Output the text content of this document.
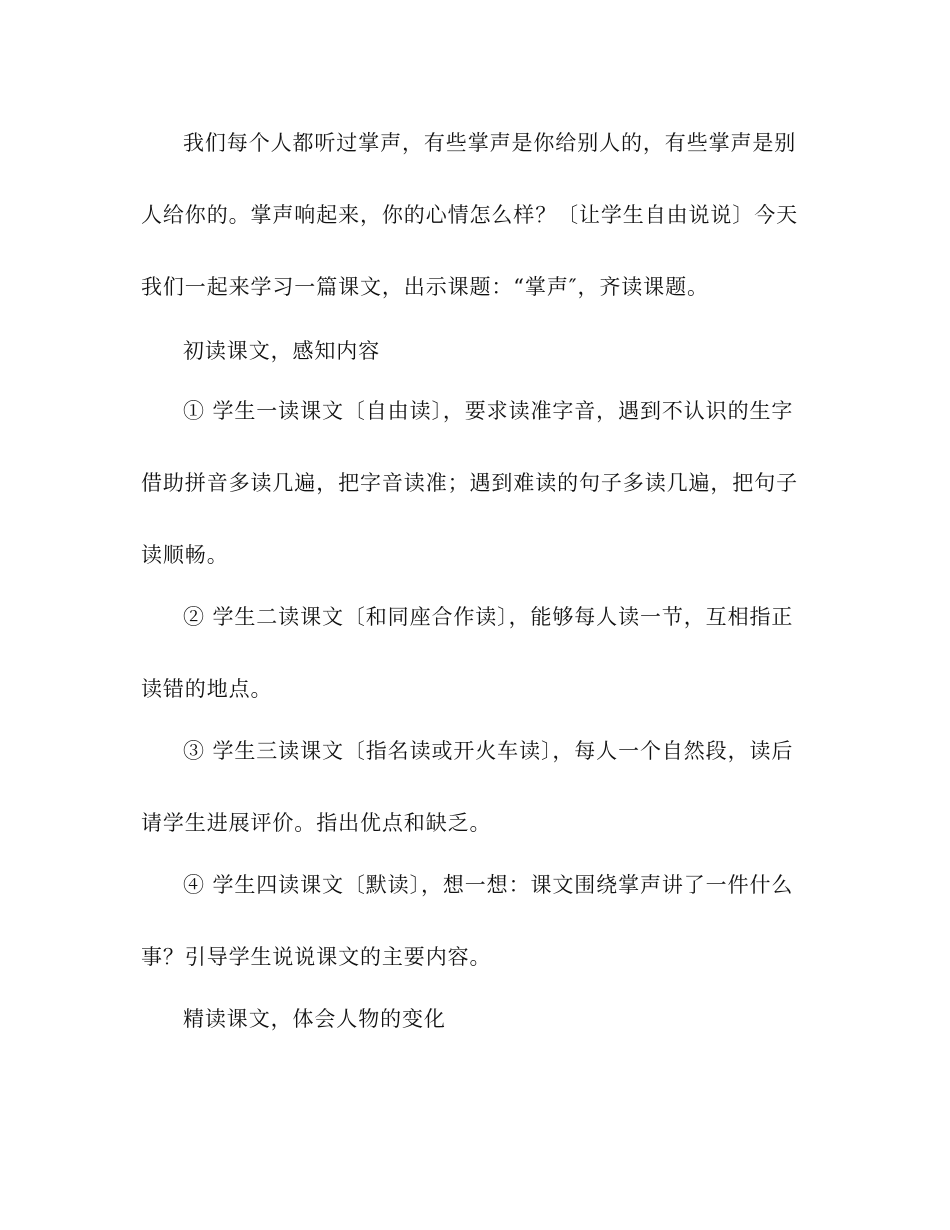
我们每个人都听过掌声，有些掌声是你给别人的，有些掌声是别
人给你的。掌声响起来，你的心情怎么样？〔让学生自由说说〕今天
我们一起来学习一篇课文，出示课题：“掌声″，齐读课题。
初读课文，感知内容
① 学生一读课文〔自由读〕，要求读准字音，遇到不认识的生字
借助拼音多读几遍，把字音读准；遇到难读的句子多读几遍，把句子
读顺畅。
② 学生二读课文〔和同座合作读〕，能够每人读一节，互相指正
读错的地点。
③ 学生三读课文〔指名读或开火车读〕，每人一个自然段，读后
请学生进展评价。指出优点和缺乏。
④ 学生四读课文〔默读〕，想一想：课文围绕掌声讲了一件什么
事？引导学生说说课文的主要内容。
精读课文，体会人物的变化
